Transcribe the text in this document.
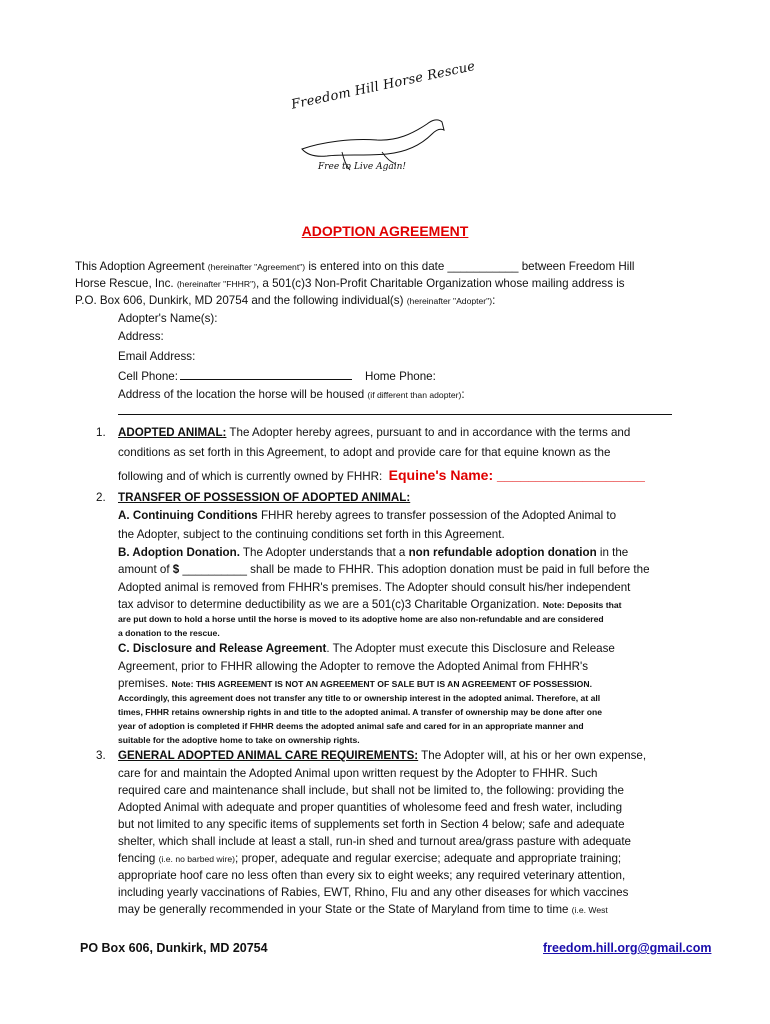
Freedom Hill Horse Rescue
Free to Live Again!
ADOPTION AGREEMENT
This Adoption Agreement (hereinafter "Agreement") is entered into on this date ___________ between Freedom Hill
Horse Rescue, Inc. (hereinafter "FHHR"), a 501(c)3 Non-Profit Charitable Organization whose mailing address is
P.O. Box 606, Dunkirk, MD 20754 and the following individual(s) (hereinafter "Adopter"):
Adopter's Name(s):
Address:
Email Address:
Cell Phone:	Home Phone:
Address of the location the horse will be housed (if different than adopter):
1. ADOPTED ANIMAL: The Adopter hereby agrees, pursuant to and in accordance with the terms and
conditions as set forth in this Agreement, to adopt and provide care for that equine known as the
following and of which is currently owned by FHHR: Equine's Name: ___________________
2. TRANSFER OF POSSESSION OF ADOPTED ANIMAL:
A. Continuing Conditions FHHR hereby agrees to transfer possession of the Adopted Animal to
the Adopter, subject to the continuing conditions set forth in this Agreement.
B. Adoption Donation. The Adopter understands that a non refundable adoption donation in the
amount of $ __________ shall be made to FHHR. This adoption donation must be paid in full before the
Adopted animal is removed from FHHR's premises. The Adopter should consult his/her independent
tax advisor to determine deductibility as we are a 501(c)3 Charitable Organization. Note: Deposits that
are put down to hold a horse until the horse is moved to its adoptive home are also non-refundable and are considered
a donation to the rescue.
C. Disclosure and Release Agreement. The Adopter must execute this Disclosure and Release
Agreement, prior to FHHR allowing the Adopter to remove the Adopted Animal from FHHR's
premises. Note: THIS AGREEMENT IS NOT AN AGREEMENT OF SALE BUT IS AN AGREEMENT OF POSSESSION.
Accordingly, this agreement does not transfer any title to or ownership interest in the adopted animal. Therefore, at all
times, FHHR retains ownership rights in and title to the adopted animal. A transfer of ownership may be done after one
year of adoption is completed if FHHR deems the adopted animal safe and cared for in an appropriate manner and
suitable for the adoptive home to take on ownership rights.
3. GENERAL ADOPTED ANIMAL CARE REQUIREMENTS: The Adopter will, at his or her own expense,
care for and maintain the Adopted Animal upon written request by the Adopter to FHHR. Such
required care and maintenance shall include, but shall not be limited to, the following: providing the
Adopted Animal with adequate and proper quantities of wholesome feed and fresh water, including
but not limited to any specific items of supplements set forth in Section 4 below; safe and adequate
shelter, which shall include at least a stall, run-in shed and turnout area/grass pasture with adequate
fencing (i.e. no barbed wire); proper, adequate and regular exercise; adequate and appropriate training;
appropriate hoof care no less often than every six to eight weeks; any required veterinary attention,
including yearly vaccinations of Rabies, EWT, Rhino, Flu and any other diseases for which vaccines
may be generally recommended in your State or the State of Maryland from time to time (i.e. West
PO Box 606, Dunkirk, MD 20754	freedom.hill.org@gmail.com
